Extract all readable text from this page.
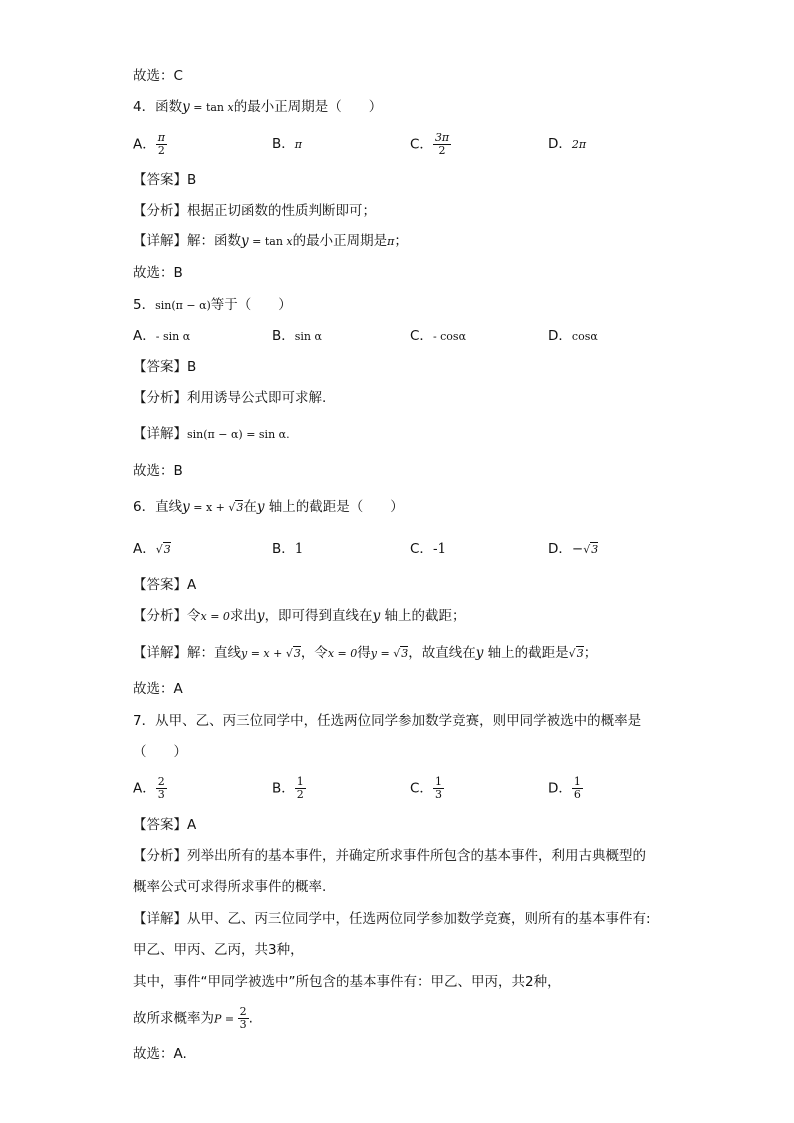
故选：C
4．函数y = tan x的最小正周期是（　　）
A． $\frac{\pi}{2}$	B．π	C． $\frac{3\pi}{2}$	D．2π
【答案】B
【分析】根据正切函数的性质判断即可；
【详解】解：函数y = tan x的最小正周期是π；
故选：B
5．sin(π − α)等于（　　）
A．- sin α	B．sin α	C．- cosα	D．cosα
【答案】B
【分析】利用诱导公式即可求解.
【详解】sin(π − α) = sin α.
故选：B
6．直线y = x + √3在y 轴上的截距是（　　）
A．√3	B．1	C．-1	D．−√3
【答案】A
【分析】令x = 0求出y，即可得到直线在y 轴上的截距；
【详解】解：直线y = x + √3，令x = 0得y = √3，故直线在y 轴上的截距是√3；
故选：A
7．从甲、乙、丙三位同学中，任选两位同学参加数学竞赛，则甲同学被选中的概率是
（　　）
A． $\frac{2}{3}$	B． $\frac{1}{2}$	C． $\frac{1}{3}$	D． $\frac{1}{6}$
【答案】A
【分析】列举出所有的基本事件，并确定所求事件所包含的基本事件，利用古典概型的
概率公式可求得所求事件的概率.
【详解】从甲、乙、丙三位同学中，任选两位同学参加数学竞赛，则所有的基本事件有:
甲乙、甲丙、乙丙，共3种，
其中，事件“甲同学被选中”所包含的基本事件有：甲乙、甲丙，共2种，
故所求概率为$P = \frac{2}{3}$ .
故选：A.
